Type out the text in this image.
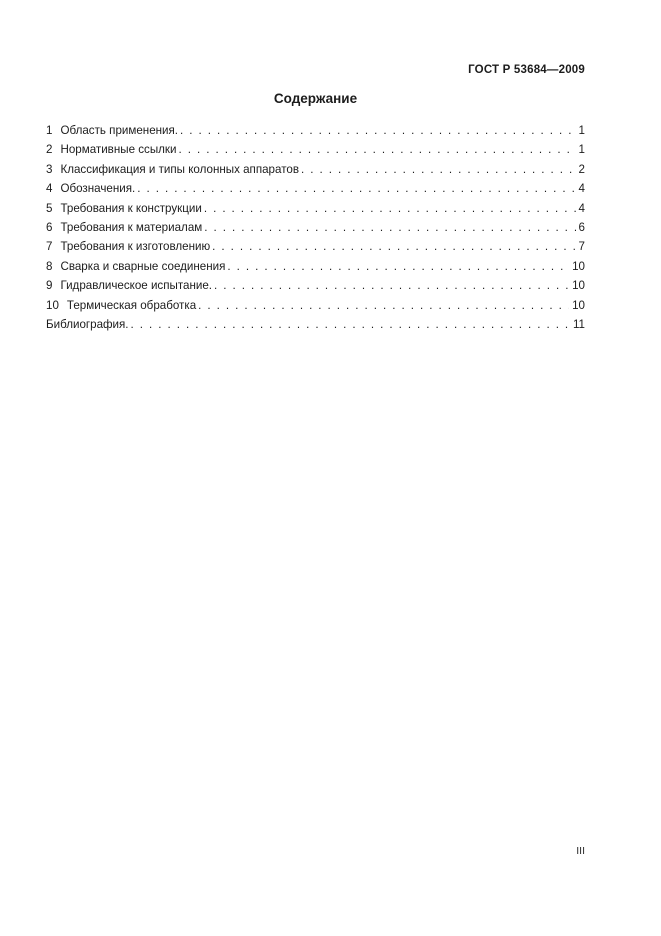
ГОСТ Р 53684—2009
Содержание
1 Область применения. . . .	1
2 Нормативные ссылки . . .	1
3 Классификация и типы колонных аппаратов . . .	2
4 Обозначения. . . .	4
5 Требования к конструкции . . .	4
6 Требования к материалам . . .	6
7 Требования к изготовлению . . .	7
8 Сварка и сварные соединения . . .	10
9 Гидравлическое испытание. . . .	10
10 Термическая обработка . . .	10
Библиография. . . .	11
III
